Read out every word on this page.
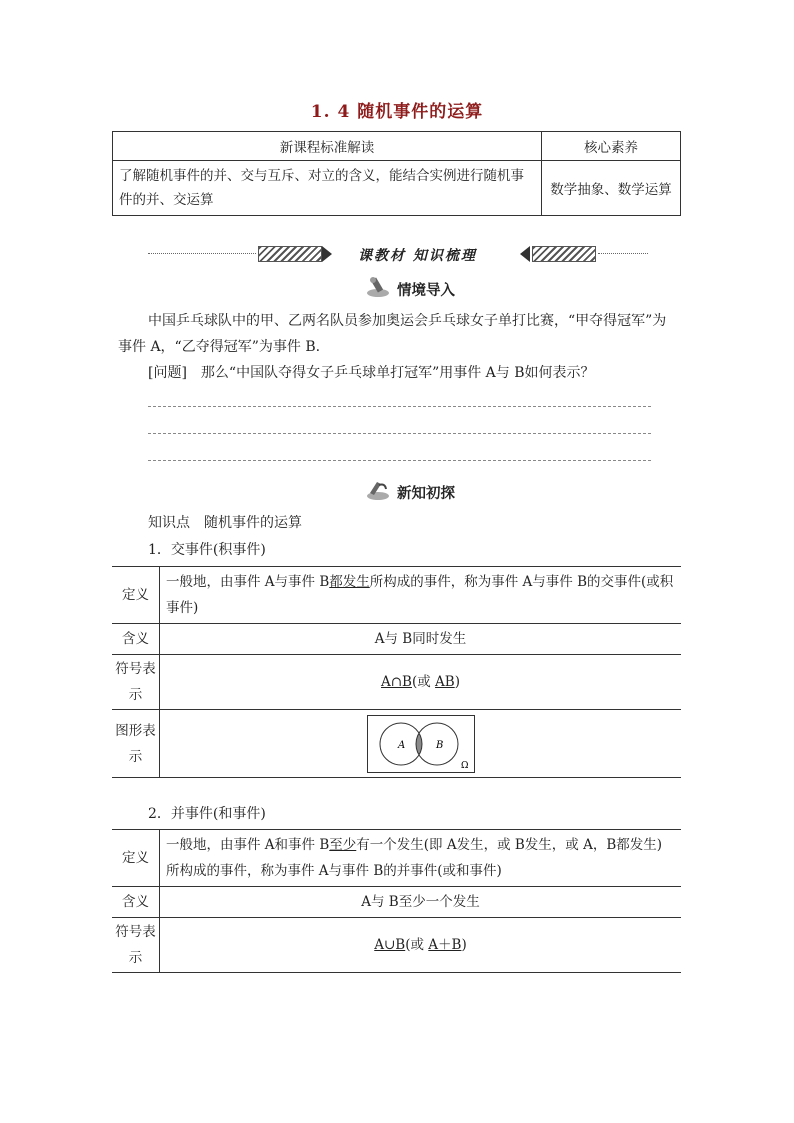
1. 4 随机事件的运算
新课程标准解读	核心素养
了解随机事件的并、交与互斥、对立的含义，能结合实例进行随机事件的并、交运算	数学抽象、数学运算
课教材 知识梳理
情境导入
中国乒乓球队中的甲、乙两名队员参加奥运会乒乓球女子单打比赛，“甲夺得冠军”为
事件 A，“乙夺得冠军”为事件 B.
[问题]　那么“中国队夺得女子乒乓球单打冠军”用事件 A与 B如何表示？
新知初探
知识点　随机事件的运算
1．交事件(积事件)
定义	一般地，由事件 A与事件 B都发生所构成的事件，称为事件 A与事件 B的交事件(或积事件)
含义	A与 B同时发生
符号表示	A∩B(或 AB)
图形表示	A B
Ω
2．并事件(和事件)
定义	一般地，由事件 A和事件 B至少有一个发生(即 A发生，或 B发生，或 A，B都发生)所构成的事件，称为事件 A与事件 B的并事件(或和事件)
含义	A与 B至少一个发生
符号表示	A∪B(或 A＋B)
